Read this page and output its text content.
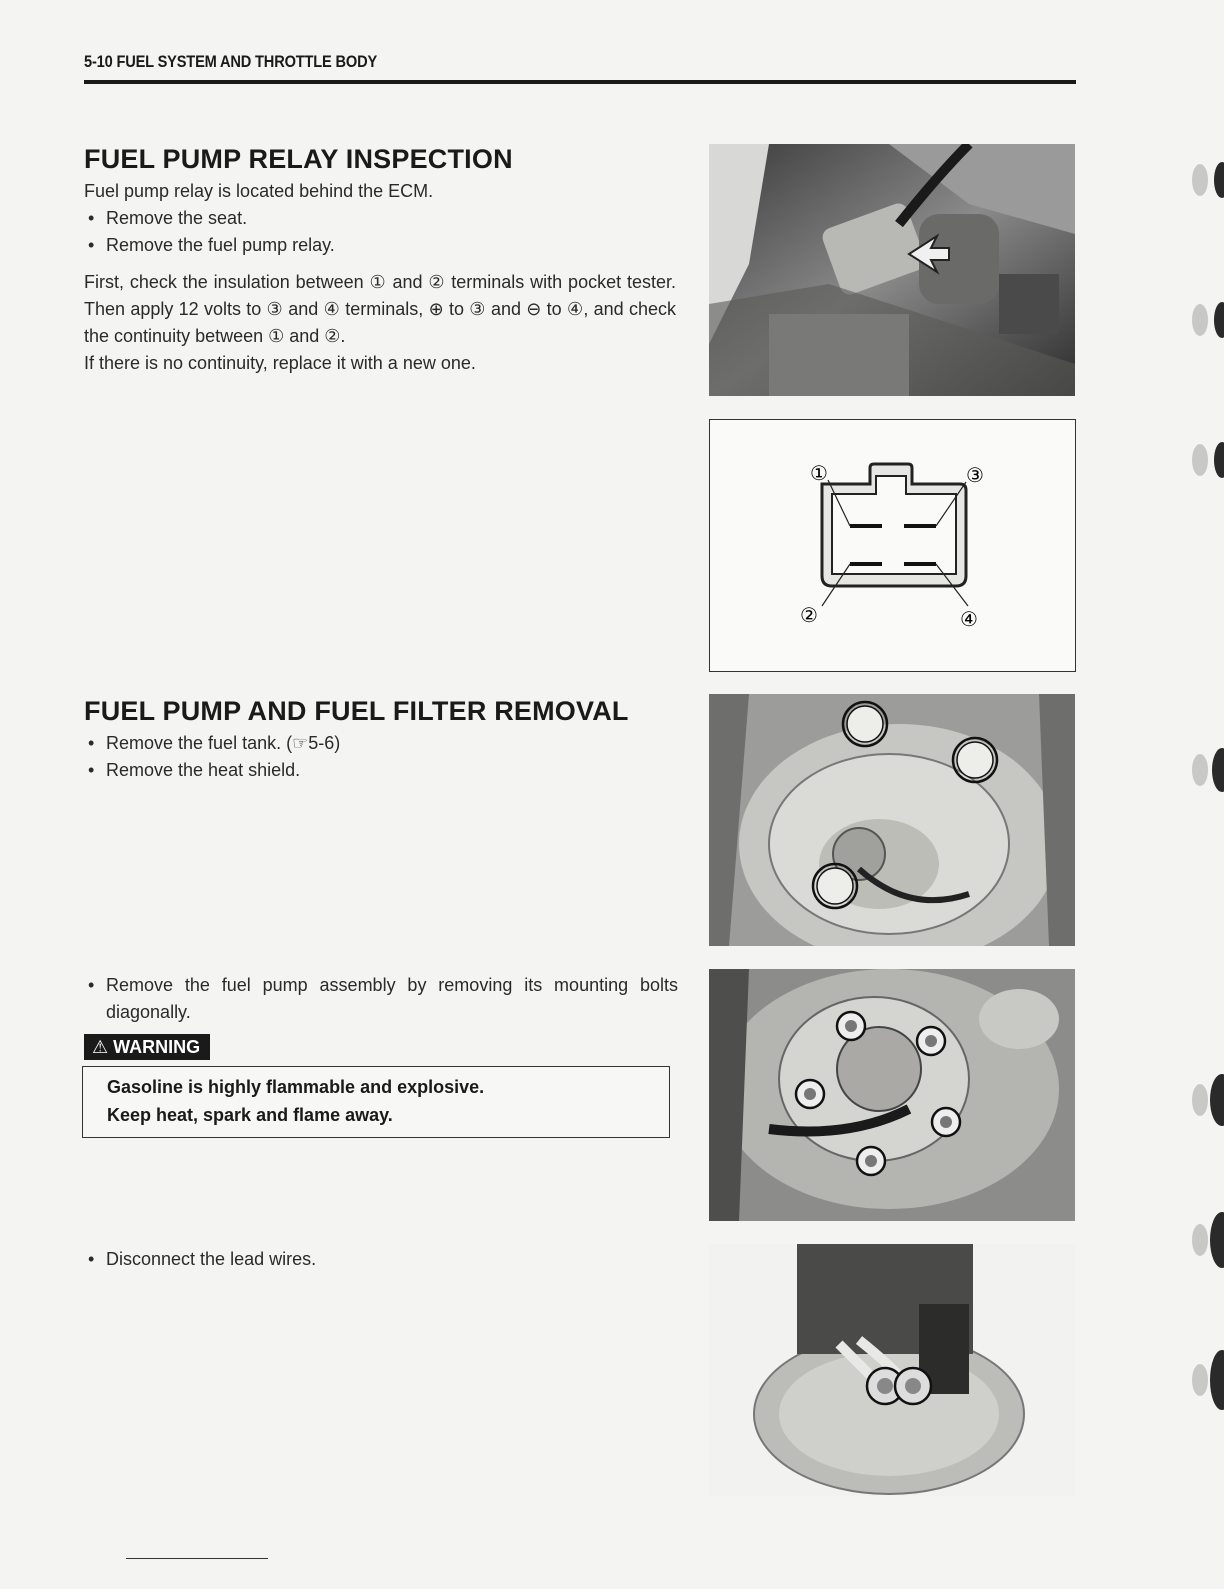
5-10 FUEL SYSTEM AND THROTTLE BODY
FUEL PUMP RELAY INSPECTION

Fuel pump relay is located behind the ECM.

• Remove the seat.
• Remove the fuel pump relay.

First, check the insulation between ① and ② terminals with pocket tester. Then apply 12 volts to ③ and ④ terminals, ⊕ to ③ and ⊖ to ④, and check the continuity between ① and ②.

If there is no continuity, replace it with a new one.

FUEL PUMP AND FUEL FILTER REMOVAL
• Remove the fuel tank. (☞5-6)
• Remove the heat shield.
• Remove the fuel pump assembly by removing its mounting bolts diagonally.
⚠ WARNING

Gasoline is highly flammable and explosive.

Keep heat, spark and flame away.

• Disconnect the lead wires.
①	③
②	④
